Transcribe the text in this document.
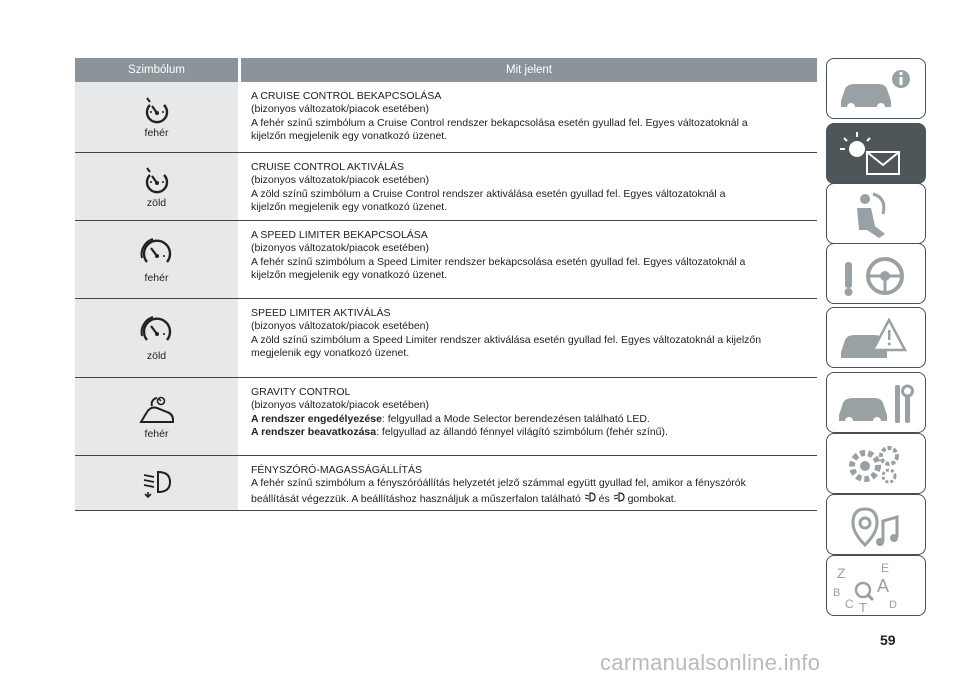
Szimbólum	Mit jelent
fehér
A CRUISE CONTROL BEKAPCSOLÁSA
(bizonyos változatok/piacok esetében)
A fehér színű szimbólum a Cruise Control rendszer bekapcsolása esetén gyullad fel. Egyes változatoknál a
kijelzőn megjelenik egy vonatkozó üzenet.
zöld
CRUISE CONTROL AKTIVÁLÁS
(bizonyos változatok/piacok esetében)
A zöld színű szimbólum a Cruise Control rendszer aktiválása esetén gyullad fel. Egyes változatoknál a
kijelzőn megjelenik egy vonatkozó üzenet.
fehér
A SPEED LIMITER BEKAPCSOLÁSA
(bizonyos változatok/piacok esetében)
A fehér színű szimbólum a Speed Limiter rendszer bekapcsolása esetén gyullad fel. Egyes változatoknál a
kijelzőn megjelenik egy vonatkozó üzenet.
zöld
SPEED LIMITER AKTIVÁLÁS
(bizonyos változatok/piacok esetében)
A zöld színű szimbólum a Speed Limiter rendszer aktiválása esetén gyullad fel. Egyes változatoknál a kijelzőn
megjelenik egy vonatkozó üzenet.
fehér
GRAVITY CONTROL
(bizonyos változatok/piacok esetében)
A rendszer engedélyezése: felgyullad a Mode Selector berendezésen található LED.
A rendszer beavatkozása: felgyullad az állandó fénnyel világító szimbólum (fehér színű).
FÉNYSZÓRÓ-MAGASSÁGÁLLÍTÁS
A fehér színű szimbólum a fényszóróállítás helyzetét jelző számmal együtt gyullad fel, amikor a fényszórók
beállítását végezzük. A beállításhoz használjuk a műszerfalon található  és  gombokat.
Z	E
B A
C T D
59
carmanualsonline.info
